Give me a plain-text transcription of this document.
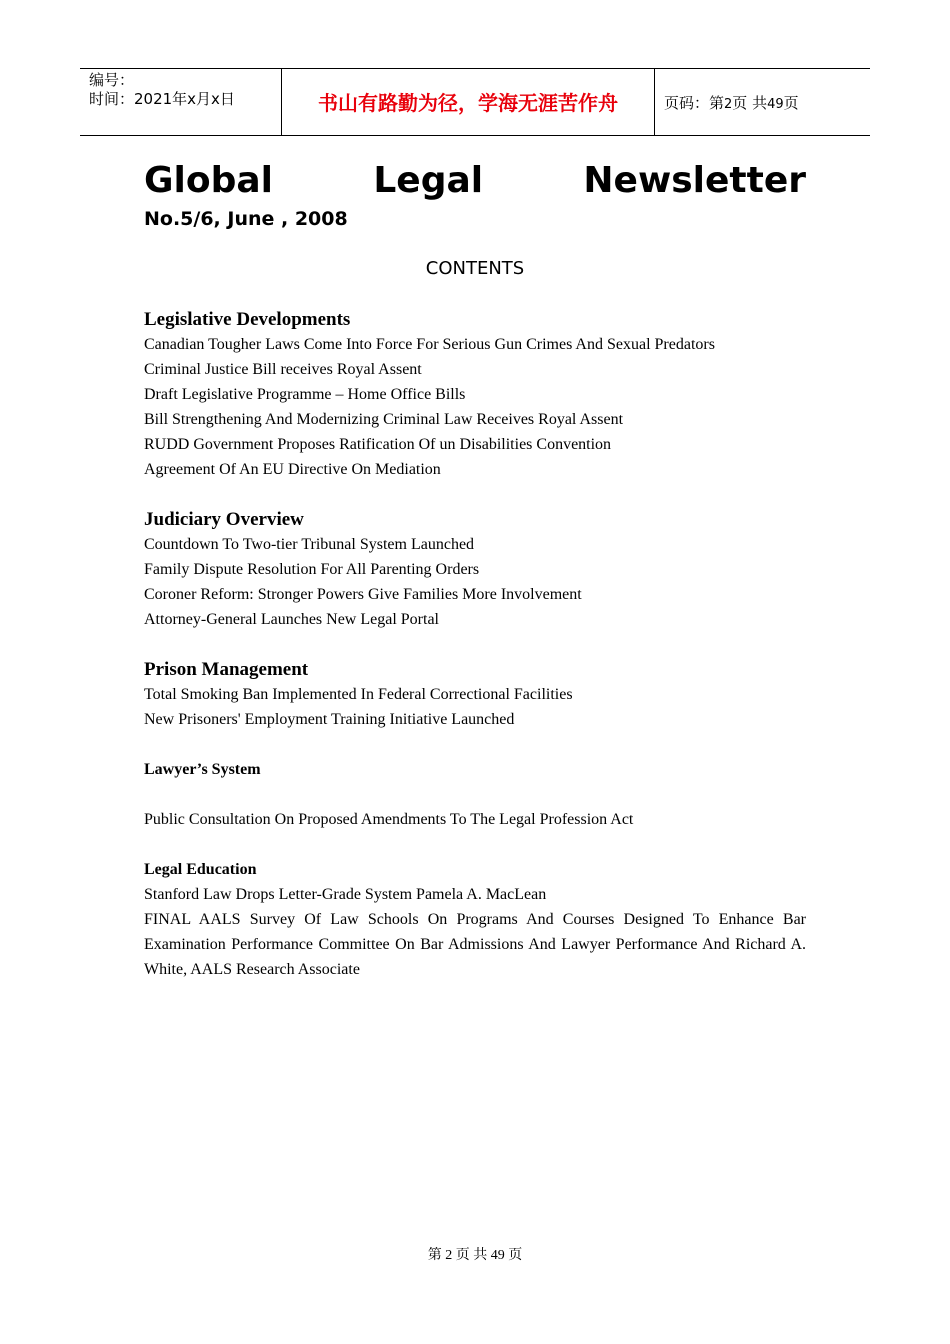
编号：
时间：2021年x月x日	书山有路勤为径，学海无涯苦作舟	页码：第2页 共49页
Global	Legal	Newsletter
No.5/6, June , 2008
CONTENTS
Legislative Developments
Canadian Tougher Laws Come Into Force For Serious Gun Crimes And Sexual Predators
Criminal Justice Bill receives Royal Assent
Draft Legislative Programme – Home Office Bills
Bill Strengthening And Modernizing Criminal Law Receives Royal Assent
RUDD Government Proposes Ratification Of un Disabilities Convention
Agreement Of An EU Directive On Mediation
Judiciary Overview
Countdown To Two-tier Tribunal System Launched
Family Dispute Resolution For All Parenting Orders
Coroner Reform: Stronger Powers Give Families More Involvement
Attorney-General Launches New Legal Portal
Prison Management
Total Smoking Ban Implemented In Federal Correctional Facilities
New Prisoners' Employment Training Initiative Launched
Lawyer’s System
Public Consultation On Proposed Amendments To The Legal Profession Act
Legal Education
Stanford Law Drops Letter-Grade System Pamela A. MacLean
FINAL AALS Survey Of Law Schools On Programs And Courses Designed To Enhance Bar Examination Performance Committee On Bar Admissions And Lawyer Performance And Richard A. White, AALS Research Associate
第 2 页 共 49 页
